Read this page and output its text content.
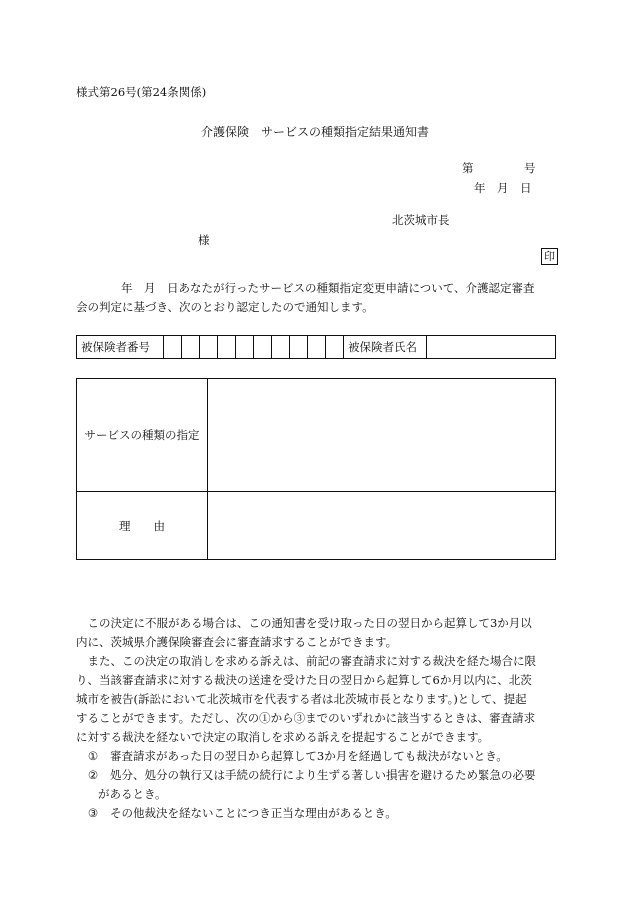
様式第26号(第24条関係)
介護保険　サービスの種類指定結果通知書
第	号
年 月 日
北茨城市長
様
印

年　月　日あなたが行ったサービスの種類指定変更申請について、介護認定審査

会の判定に基づき、次のとおり認定したので通知します。

被保険者番号											被保険者氏名	
サービスの種類の指定	
理　　由	

　この決定に不服がある場合は、この通知書を受け取った日の翌日から起算して3か月以

内に、茨城県介護保険審査会に審査請求することができます。

　また、この決定の取消しを求める訴えは、前記の審査請求に対する裁決を経た場合に限

り、当該審査請求に対する裁決の送達を受けた日の翌日から起算して6か月以内に、北茨

城市を被告(訴訟において北茨城市を代表する者は北茨城市長となります。)として、提起

することができます。ただし、次の①から③までのいずれかに該当するときは、審査請求

に対する裁決を経ないで決定の取消しを求める訴えを提起することができます。

①	審査請求があった日の翌日から起算して3か月を経過しても裁決がないとき。
②	処分、処分の執行又は手続の続行により生ずる著しい損害を避けるため緊急の必要
があるとき。
③	その他裁決を経ないことにつき正当な理由があるとき。
